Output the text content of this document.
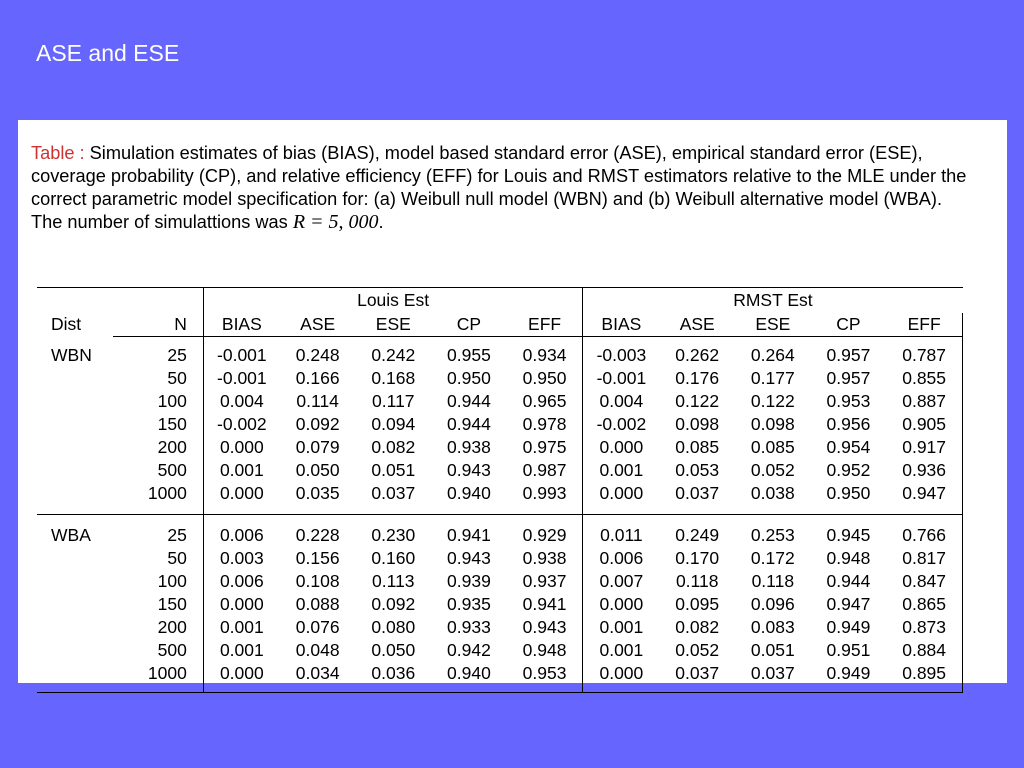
ASE and ESE

Table : Simulation estimates of bias (BIAS), model based standard error (ASE), empirical standard error (ESE), coverage probability (CP), and relative efficiency (EFF) for Louis and RMST estimators relative to the MLE under the correct parametric model specification for: (a) Weibull null model (WBN) and (b) Weibull alternative model (WBA). The number of simulattions was R = 5, 000.

		Louis Est					RMST Est				
Dist	N	BIAS	ASE	ESE	CP	EFF	BIAS	ASE	ESE	CP	EFF

WBN	25	-0.001	0.248	0.242	0.955	0.934	-0.003	0.262	0.264	0.957	0.787
	50	-0.001	0.166	0.168	0.950	0.950	-0.001	0.176	0.177	0.957	0.855
	100	0.004	0.114	0.117	0.944	0.965	0.004	0.122	0.122	0.953	0.887
	150	-0.002	0.092	0.094	0.944	0.978	-0.002	0.098	0.098	0.956	0.905
	200	0.000	0.079	0.082	0.938	0.975	0.000	0.085	0.085	0.954	0.917
	500	0.001	0.050	0.051	0.943	0.987	0.001	0.053	0.052	0.952	0.936
	1000	0.000	0.035	0.037	0.940	0.993	0.000	0.037	0.038	0.950	0.947

WBA	25	0.006	0.228	0.230	0.941	0.929	0.011	0.249	0.253	0.945	0.766
	50	0.003	0.156	0.160	0.943	0.938	0.006	0.170	0.172	0.948	0.817
	100	0.006	0.108	0.113	0.939	0.937	0.007	0.118	0.118	0.944	0.847
	150	0.000	0.088	0.092	0.935	0.941	0.000	0.095	0.096	0.947	0.865
	200	0.001	0.076	0.080	0.933	0.943	0.001	0.082	0.083	0.949	0.873
	500	0.001	0.048	0.050	0.942	0.948	0.001	0.052	0.051	0.951	0.884
	1000	0.000	0.034	0.036	0.940	0.953	0.000	0.037	0.037	0.949	0.895
